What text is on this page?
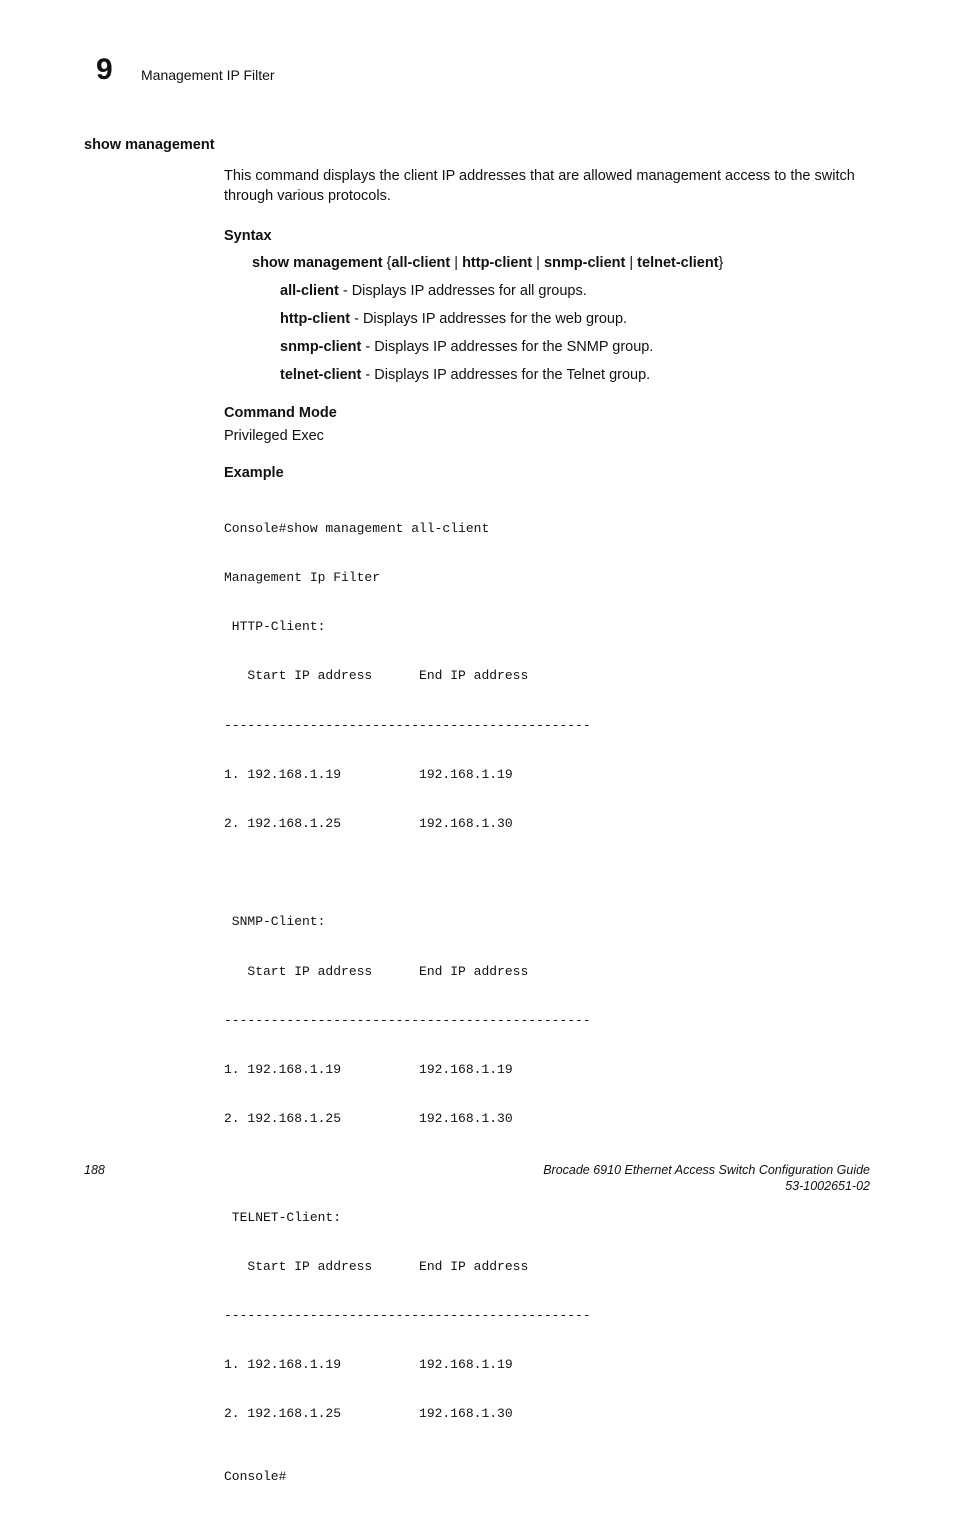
9 Management IP Filter
show management

This command displays the client IP addresses that are allowed management access to the switch through various protocols.

Syntax

show management {all-client | http-client | snmp-client | telnet-client}

all-client - Displays IP addresses for all groups.

http-client - Displays IP addresses for the web group.

snmp-client - Displays IP addresses for the SNMP group.

telnet-client - Displays IP addresses for the Telnet group.

Command Mode

Privileged Exec

Example

Console#show management all-client

Management Ip Filter

HTTP-Client:

Start IP address      End IP address

-----------------------------------------------

1. 192.168.1.19          192.168.1.19

2. 192.168.1.25          192.168.1.30

SNMP-Client:

Start IP address      End IP address

-----------------------------------------------

1. 192.168.1.19          192.168.1.19

2. 192.168.1.25          192.168.1.30

TELNET-Client:

Start IP address      End IP address

-----------------------------------------------

1. 192.168.1.19          192.168.1.19

2. 192.168.1.25          192.168.1.30

Console#

188	Brocade 6910 Ethernet Access Switch Configuration Guide
53-1002651-02
